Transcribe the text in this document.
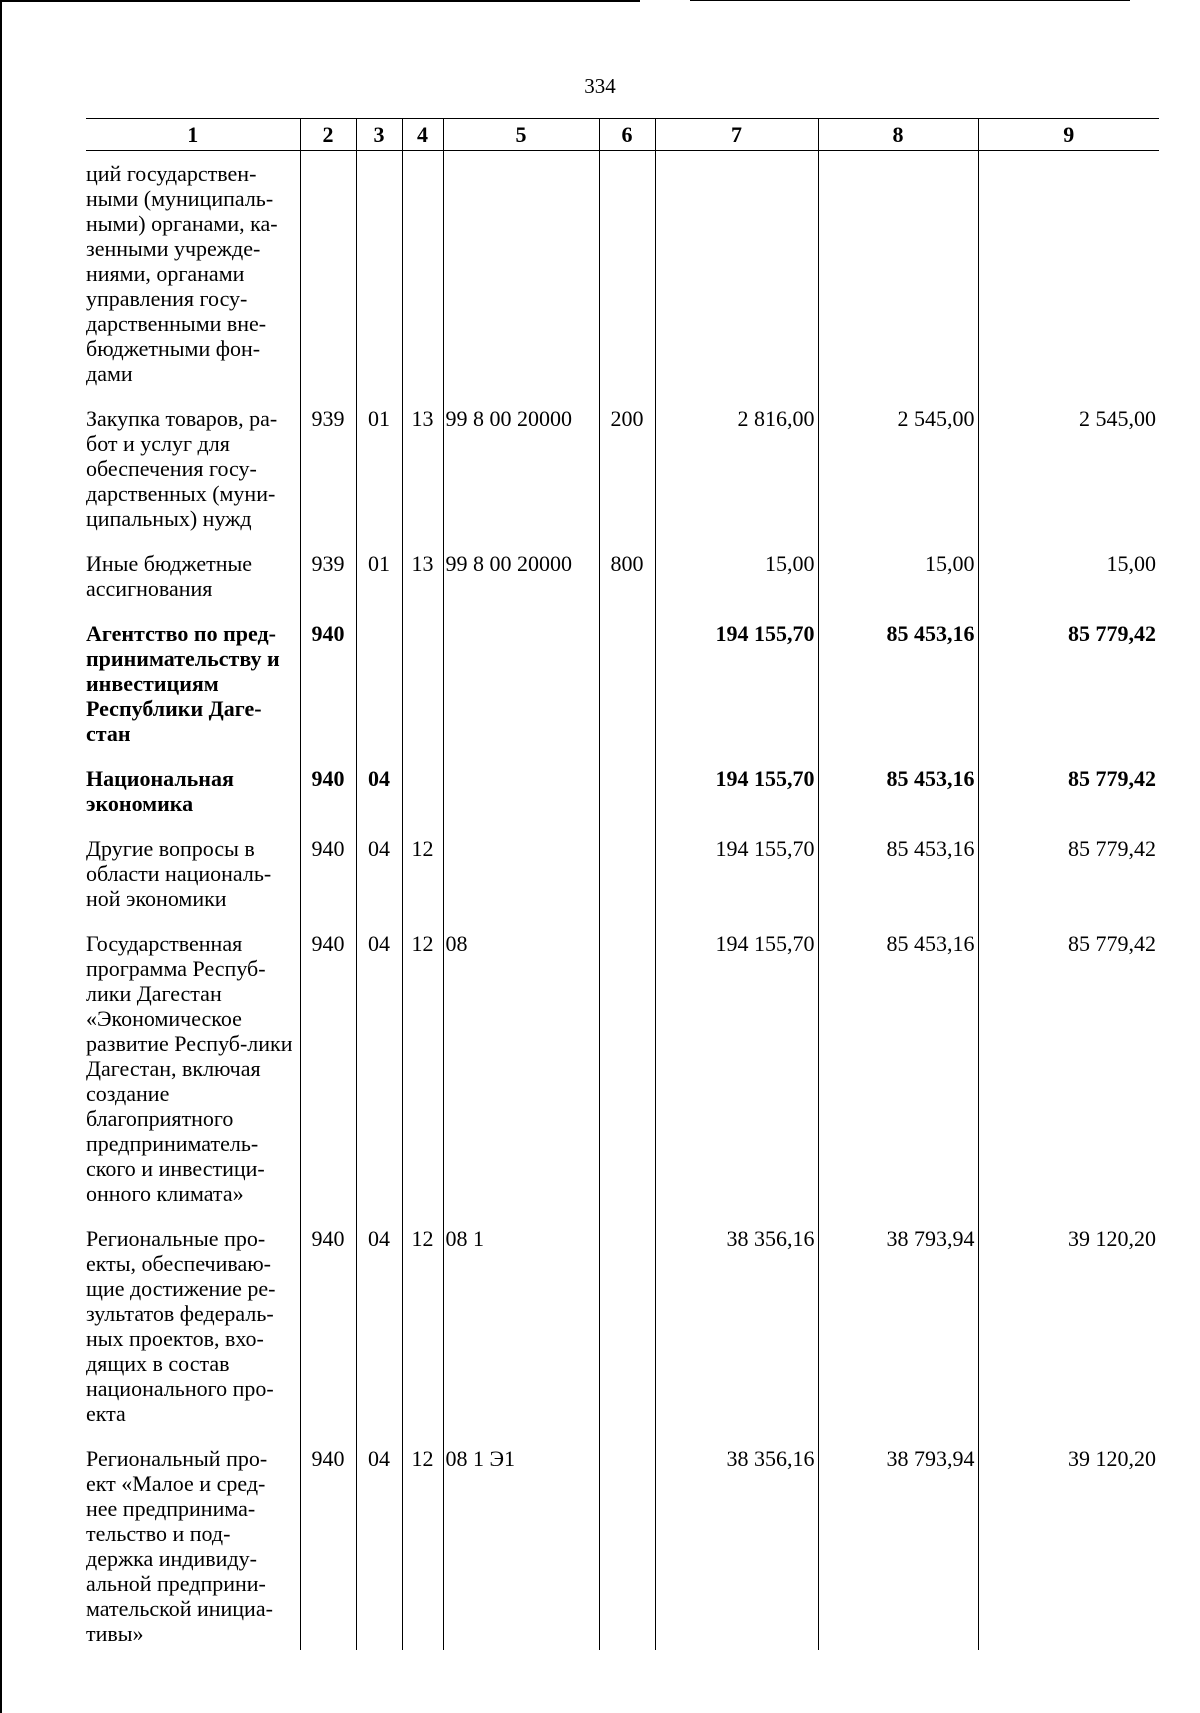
334
1	2	3	4	5	6	7	8	9
ций государствен-ными (муниципаль-ными) органами, ка-зенными учрежде-ниями, органами управления госу-дарственными вне-бюджетными фон-дами								
Закупка товаров, ра-бот и услуг для обеспечения госу-дарственных (муни-ципальных) нужд	939	01	13	99 8 00 20000	200	2 816,00	2 545,00	2 545,00
Иные бюджетные ассигнования	939	01	13	99 8 00 20000	800	15,00	15,00	15,00
Агентство по пред-принимательству и инвестициям Республики Даге-стан	940					194 155,70	85 453,16	85 779,42
Национальная экономика	940	04				194 155,70	85 453,16	85 779,42
Другие вопросы в области националь-ной экономики	940	04	12			194 155,70	85 453,16	85 779,42
Государственная программа Респуб-лики Дагестан «Экономическое развитие Респуб-лики Дагестан, включая создание благоприятного предприниматель-ского и инвестици-онного климата»	940	04	12	08		194 155,70	85 453,16	85 779,42
Региональные про-екты, обеспечиваю-щие достижение ре-зультатов федераль-ных проектов, вхо-дящих в состав национального про-екта	940	04	12	08 1		38 356,16	38 793,94	39 120,20
Региональный про-ект «Малое и сред-нее предпринима-тельство и под-держка индивиду-альной предприни-мательской инициа-тивы»	940	04	12	08 1 Э1		38 356,16	38 793,94	39 120,20
